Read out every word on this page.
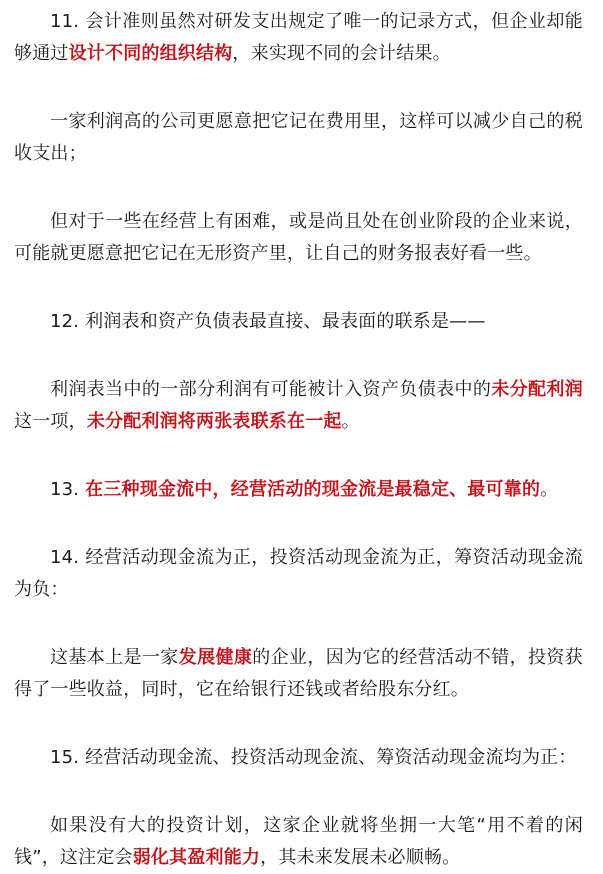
11. 会计准则虽然对研发支出规定了唯一的记录方式，但企业却能够通过设计不同的组织结构，来实现不同的会计结果。

一家利润高的公司更愿意把它记在费用里，这样可以减少自己的税收支出；

但对于一些在经营上有困难，或是尚且处在创业阶段的企业来说，可能就更愿意把它记在无形资产里，让自己的财务报表好看一些。

12. 利润表和资产负债表最直接、最表面的联系是——

利润表当中的一部分利润有可能被计入资产负债表中的未分配利润这一项，未分配利润将两张表联系在一起。

13. 在三种现金流中，经营活动的现金流是最稳定、最可靠的。

14. 经营活动现金流为正，投资活动现金流为正，筹资活动现金流为负：

这基本上是一家发展健康的企业，因为它的经营活动不错，投资获得了一些收益，同时，它在给银行还钱或者给股东分红。

15. 经营活动现金流、投资活动现金流、筹资活动现金流均为正：

如果没有大的投资计划，这家企业就将坐拥一大笔“用不着的闲钱”，这注定会弱化其盈利能力，其未来发展未必顺畅。
